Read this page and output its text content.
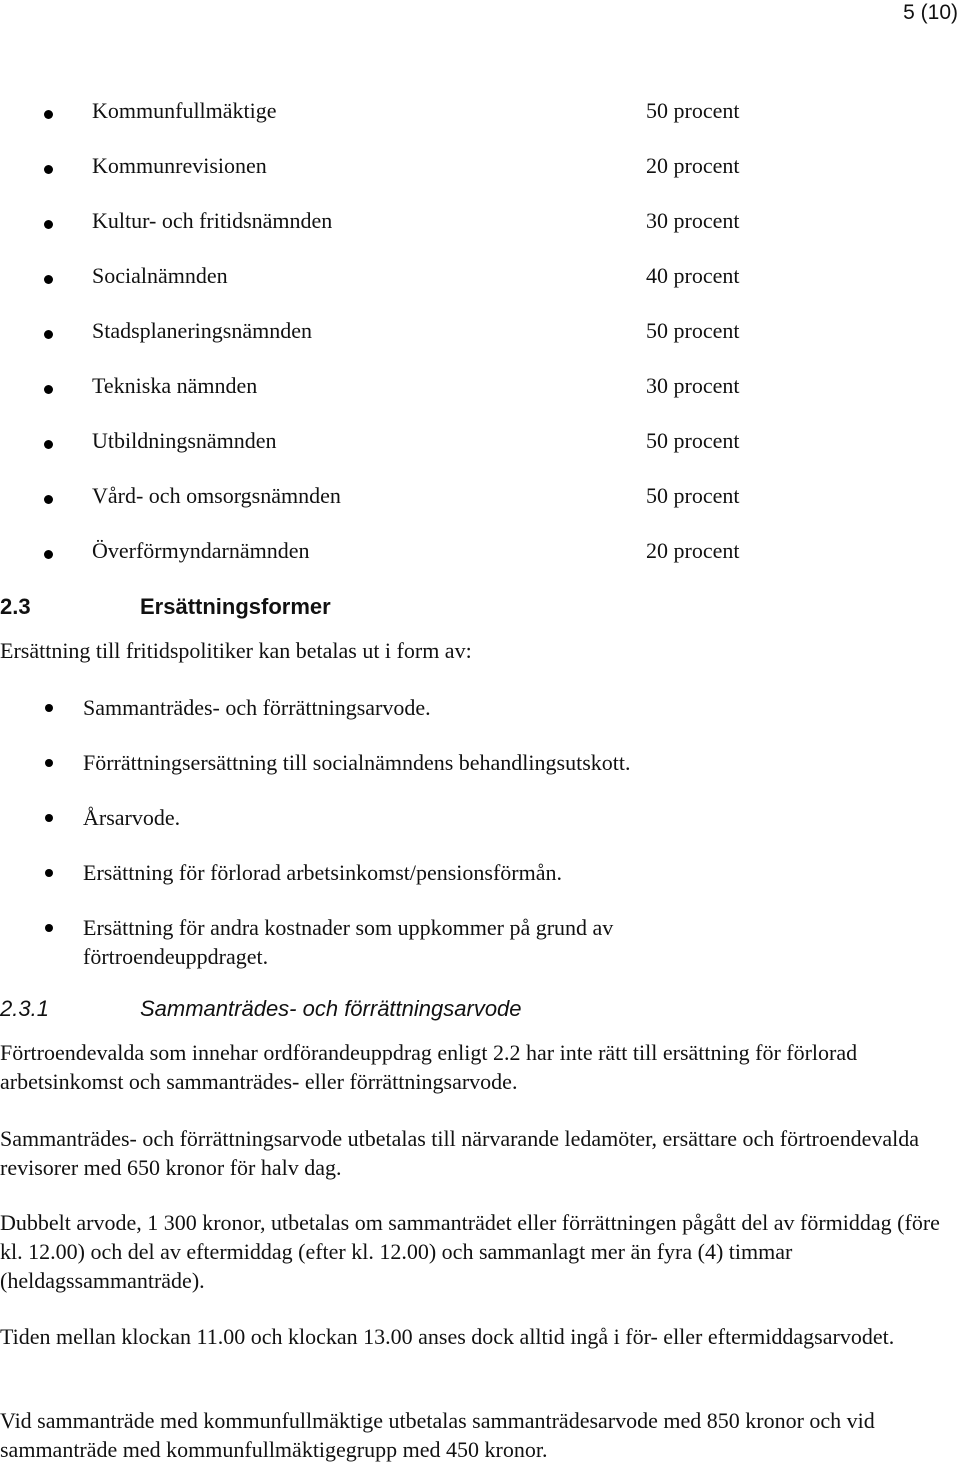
5 (10)
Kommunfullmäktige	50 procent
Kommunrevisionen	20 procent
Kultur- och fritidsnämnden	30 procent
Socialnämnden	40 procent
Stadsplaneringsnämnden	50 procent
Tekniska nämnden	30 procent
Utbildningsnämnden	50 procent
Vård- och omsorgsnämnden	50 procent
Överförmyndarnämnden	20 procent
2.3	Ersättningsformer

Ersättning till fritidspolitiker kan betalas ut i form av:

Sammanträdes- och förrättningsarvode.
Förrättningsersättning till socialnämndens behandlingsutskott.
Årsarvode.
Ersättning för förlorad arbetsinkomst/pensionsförmån.
Ersättning för andra kostnader som uppkommer på grund av förtroendeuppdraget.
2.3.1	Sammanträdes- och förrättningsarvode

Förtroendevalda som innehar ordförandeuppdrag enligt 2.2 har inte rätt till ersättning för förlorad arbetsinkomst och sammanträdes- eller förrättningsarvode.

Sammanträdes- och förrättningsarvode utbetalas till närvarande ledamöter, ersättare och förtroendevalda revisorer med 650 kronor för halv dag.

Dubbelt arvode, 1 300 kronor, utbetalas om sammanträdet eller förrättningen pågått del av förmiddag (före kl. 12.00) och del av eftermiddag (efter kl. 12.00) och sammanlagt mer än fyra (4) timmar (heldagssammanträde).

Tiden mellan klockan 11.00 och klockan 13.00 anses dock alltid ingå i för- eller eftermiddagsarvodet.

Vid sammanträde med kommunfullmäktige utbetalas sammanträdesarvode med 850 kronor och vid sammanträde med kommunfullmäktigegrupp med 450 kronor.
